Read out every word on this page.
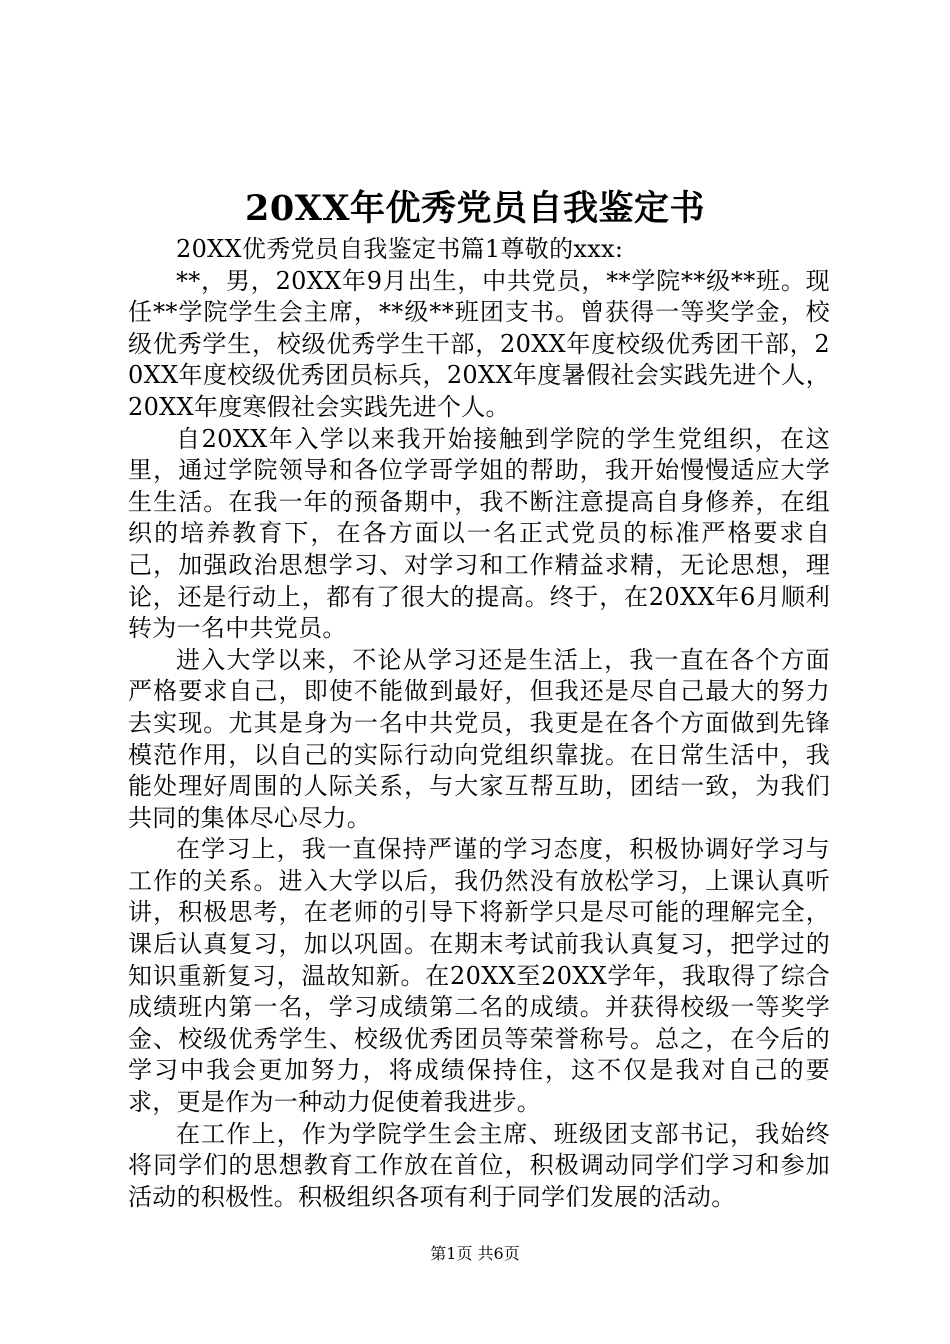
20XX年优秀党员自我鉴定书

20XX优秀党员自我鉴定书篇1尊敬的xxx:

**，男，20XX年9月出生，中共党员，**学院**级**班。现任**学院学生会主席，**级**班团支书。曾获得一等奖学金，校级优秀学生，校级优秀学生干部，20XX年度校级优秀团干部，20XX年度校级优秀团员标兵，20XX年度暑假社会实践先进个人，20XX年度寒假社会实践先进个人。

自20XX年入学以来我开始接触到学院的学生党组织，在这里，通过学院领导和各位学哥学姐的帮助，我开始慢慢适应大学生生活。在我一年的预备期中，我不断注意提高自身修养，在组织的培养教育下，在各方面以一名正式党员的标准严格要求自己，加强政治思想学习、对学习和工作精益求精，无论思想，理论，还是行动上，都有了很大的提高。终于，在20XX年6月顺利转为一名中共党员。

进入大学以来，不论从学习还是生活上，我一直在各个方面严格要求自己，即使不能做到最好，但我还是尽自己最大的努力去实现。尤其是身为一名中共党员，我更是在各个方面做到先锋模范作用，以自己的实际行动向党组织靠拢。在日常生活中，我能处理好周围的人际关系，与大家互帮互助，团结一致，为我们共同的集体尽心尽力。

在学习上，我一直保持严谨的学习态度，积极协调好学习与工作的关系。进入大学以后，我仍然没有放松学习，上课认真听讲，积极思考，在老师的引导下将新学只是尽可能的理解完全，课后认真复习，加以巩固。在期末考试前我认真复习，把学过的知识重新复习，温故知新。在20XX至20XX学年，我取得了综合成绩班内第一名，学习成绩第二名的成绩。并获得校级一等奖学金、校级优秀学生、校级优秀团员等荣誉称号。总之，在今后的学习中我会更加努力，将成绩保持住，这不仅是我对自己的要求，更是作为一种动力促使着我进步。

在工作上，作为学院学生会主席、班级团支部书记，我始终将同学们的思想教育工作放在首位，积极调动同学们学习和参加活动的积极性。积极组织各项有利于同学们发展的活动。

第1页 共6页
